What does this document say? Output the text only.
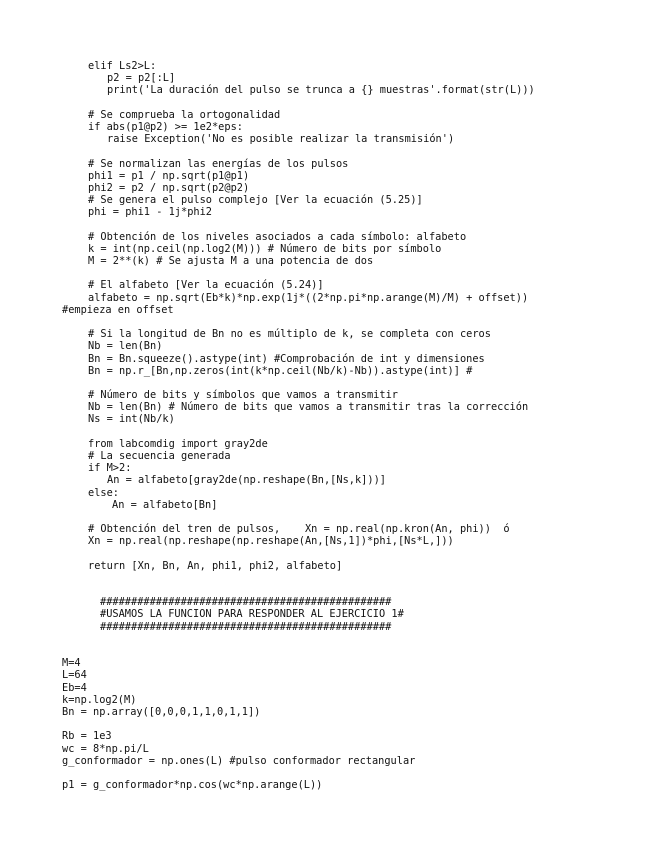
elif Ls2>L:
p2 = p2[:L]
print('La duración del pulso se trunca a {} muestras'.format(str(L)))
# Se comprueba la ortogonalidad
if abs(p1@p2) >= 1e2*eps:
raise Exception('No es posible realizar la transmisión')
# Se normalizan las energías de los pulsos
phi1 = p1 / np.sqrt(p1@p1)
phi2 = p2 / np.sqrt(p2@p2)
# Se genera el pulso complejo [Ver la ecuación (5.25)]
phi = phi1 - 1j*phi2
# Obtención de los niveles asociados a cada símbolo: alfabeto
k = int(np.ceil(np.log2(M))) # Número de bits por símbolo
M = 2**(k) # Se ajusta M a una potencia de dos
# El alfabeto [Ver la ecuación (5.24)]
alfabeto = np.sqrt(Eb*k)*np.exp(1j*((2*np.pi*np.arange(M)/M) + offset))
#empieza en offset
# Si la longitud de Bn no es múltiplo de k, se completa con ceros
Nb = len(Bn)
Bn = Bn.squeeze().astype(int) #Comprobación de int y dimensiones
Bn = np.r_[Bn,np.zeros(int(k*np.ceil(Nb/k)-Nb)).astype(int)] #
# Número de bits y símbolos que vamos a transmitir
Nb = len(Bn) # Número de bits que vamos a transmitir tras la corrección
Ns = int(Nb/k)
from labcomdig import gray2de
# La secuencia generada
if M>2:
An = alfabeto[gray2de(np.reshape(Bn,[Ns,k]))]
else:
An = alfabeto[Bn]
# Obtención del tren de pulsos,    Xn = np.real(np.kron(An, phi))  ó
Xn = np.real(np.reshape(np.reshape(An,[Ns,1])*phi,[Ns*L,]))
return [Xn, Bn, An, phi1, phi2, alfabeto]
###############################################
#USAMOS LA FUNCION PARA RESPONDER AL EJERCICIO 1#
###############################################
M=4
L=64
Eb=4
k=np.log2(M)
Bn = np.array([0,0,0,1,1,0,1,1])
Rb = 1e3
wc = 8*np.pi/L
g_conformador = np.ones(L) #pulso conformador rectangular
p1 = g_conformador*np.cos(wc*np.arange(L))
